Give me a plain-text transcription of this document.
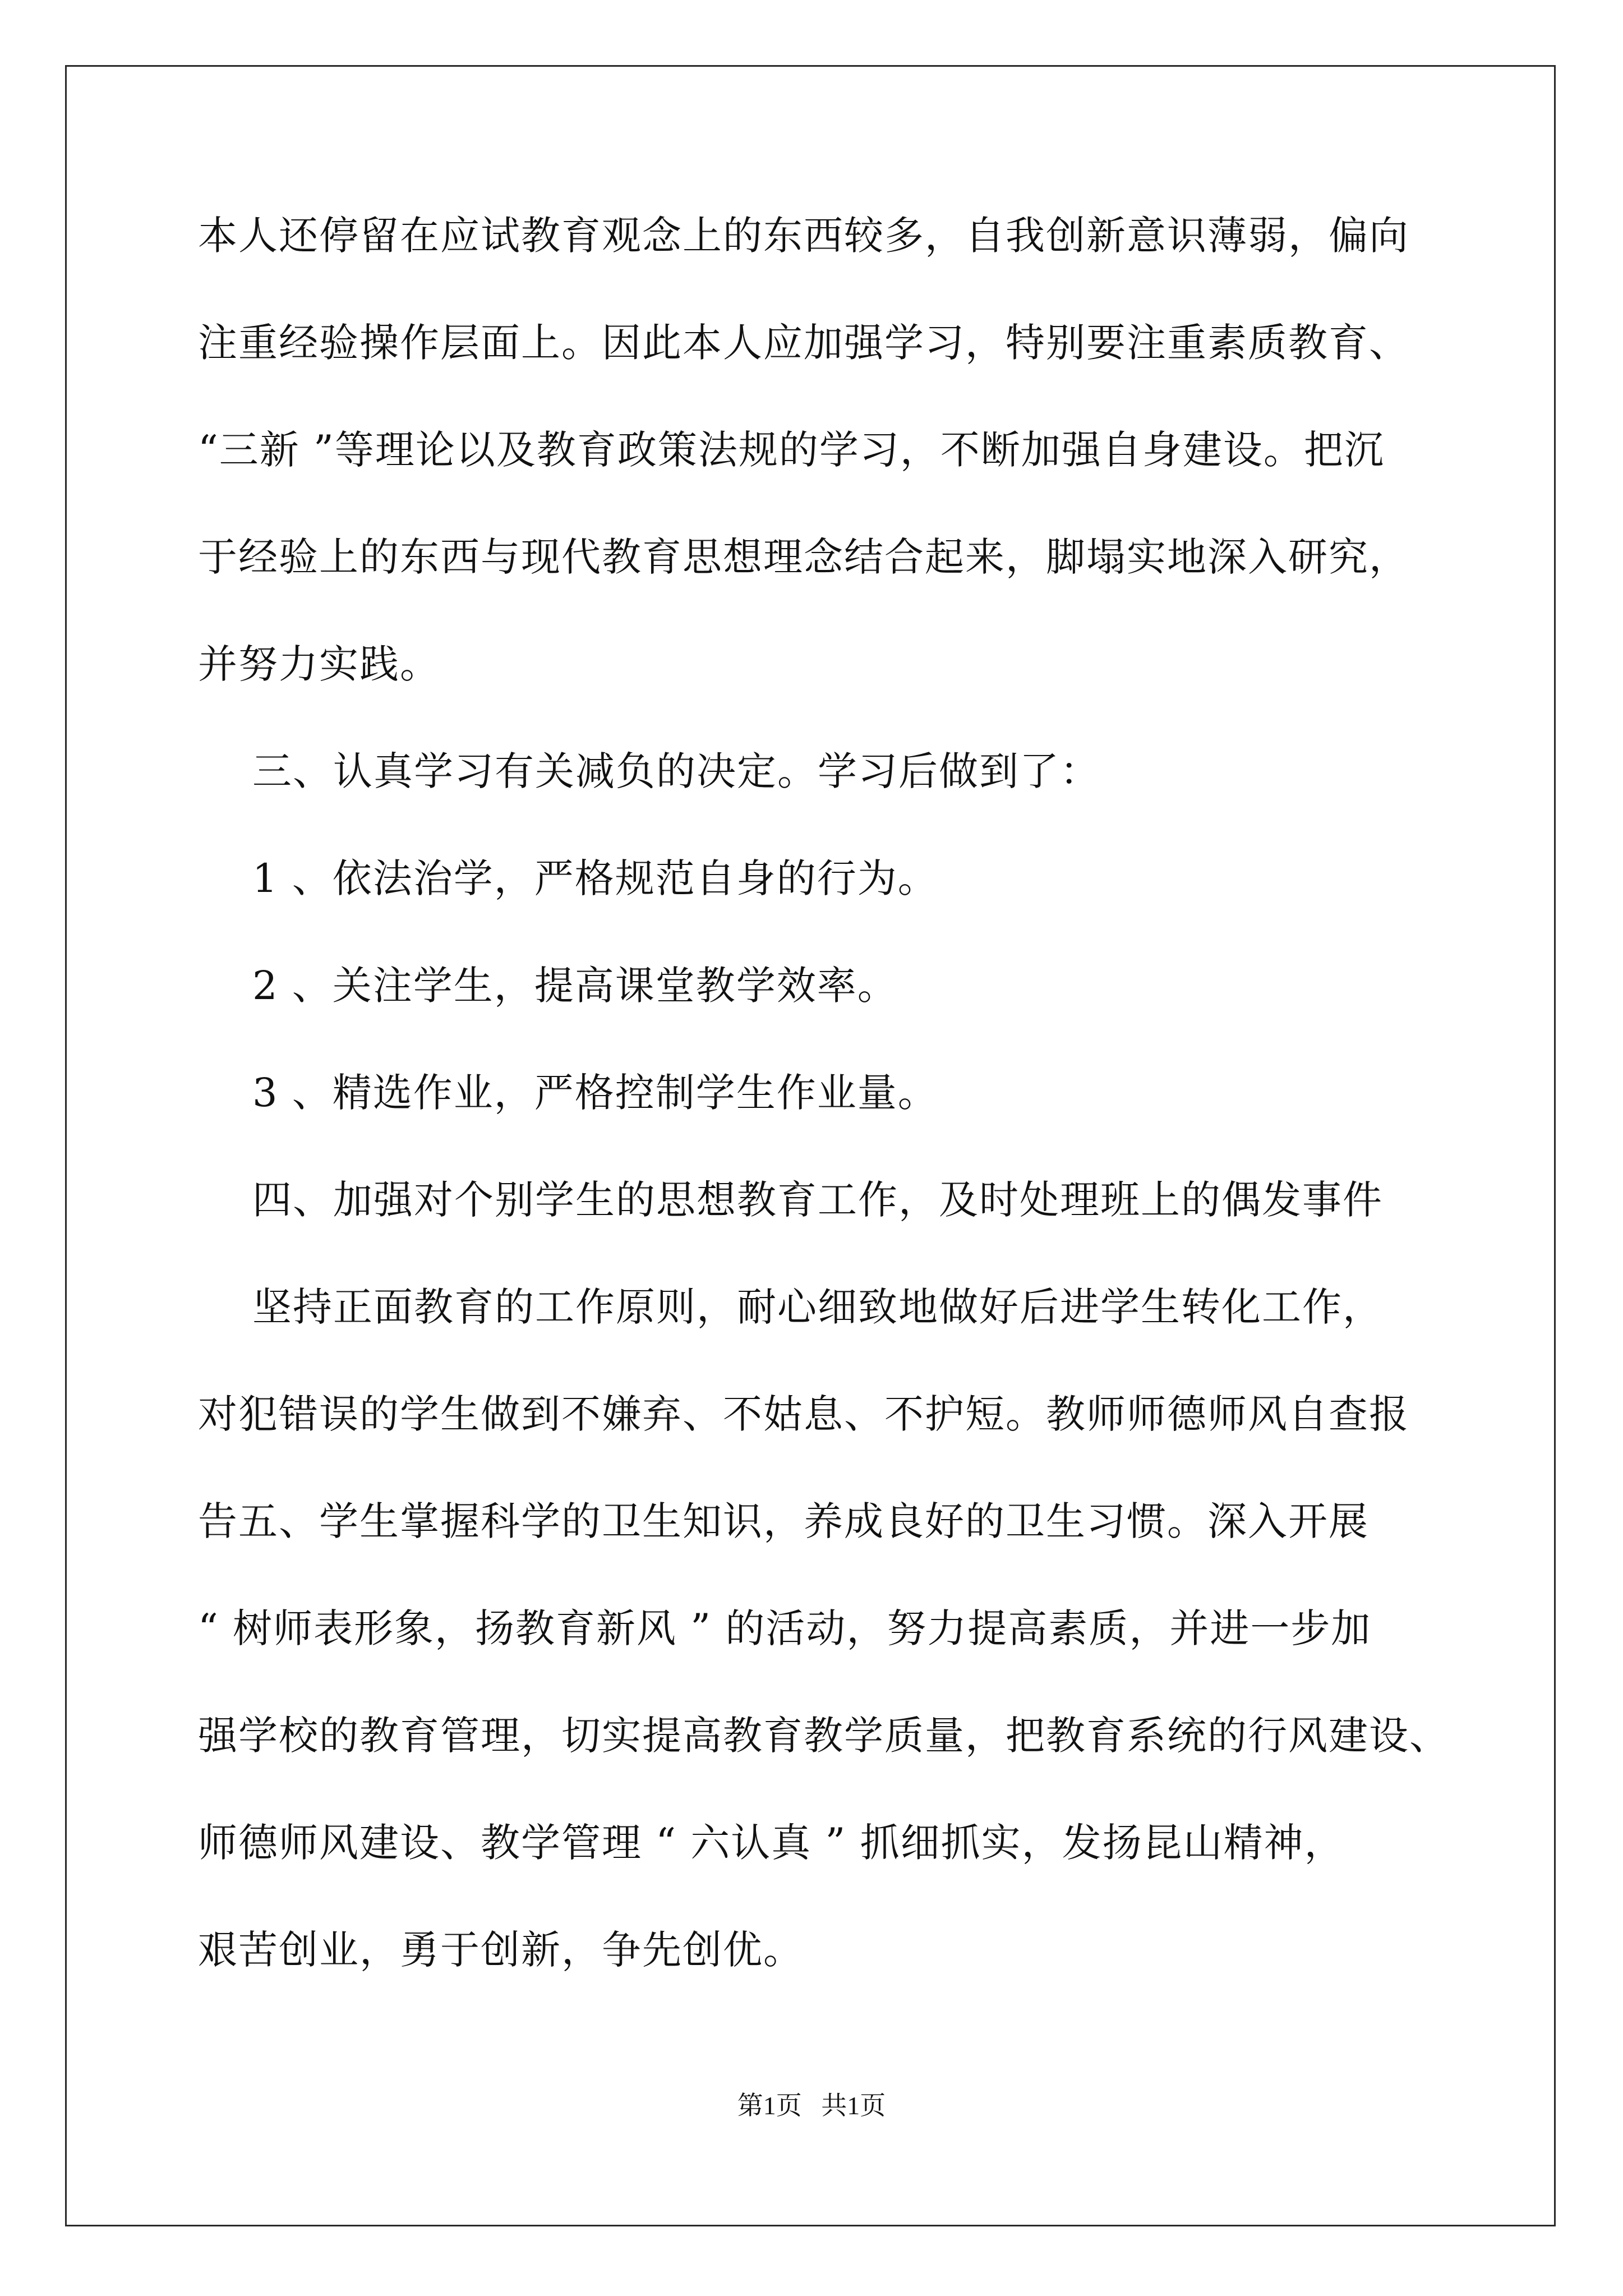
本人还停留在应试教育观念上的东西较多，自我创新意识薄弱，偏向
注重经验操作层面上。因此本人应加强学习，特别要注重素质教育、
“三新 ”等理论以及教育政策法规的学习，不断加强自身建设。把沉
于经验上的东西与现代教育思想理念结合起来，脚塌实地深入研究，
并努力实践。
三、认真学习有关减负的决定。学习后做到了：
1 、依法治学，严格规范自身的行为。
2 、关注学生，提高课堂教学效率。
3 、精选作业，严格控制学生作业量。
四、加强对个别学生的思想教育工作，及时处理班上的偶发事件
坚持正面教育的工作原则，耐心细致地做好后进学生转化工作，
对犯错误的学生做到不嫌弃、不姑息、不护短。教师师德师风自查报
告五、学生掌握科学的卫生知识，养成良好的卫生习惯。深入开展
“ 树师表形象，扬教育新风 ” 的活动，努力提高素质，并进一步加
强学校的教育管理，切实提高教育教学质量，把教育系统的行风建设、
师德师风建设、教学管理 “ 六认真 ” 抓细抓实，发扬昆山精神，
艰苦创业，勇于创新，争先创优。
第1页   共1页
